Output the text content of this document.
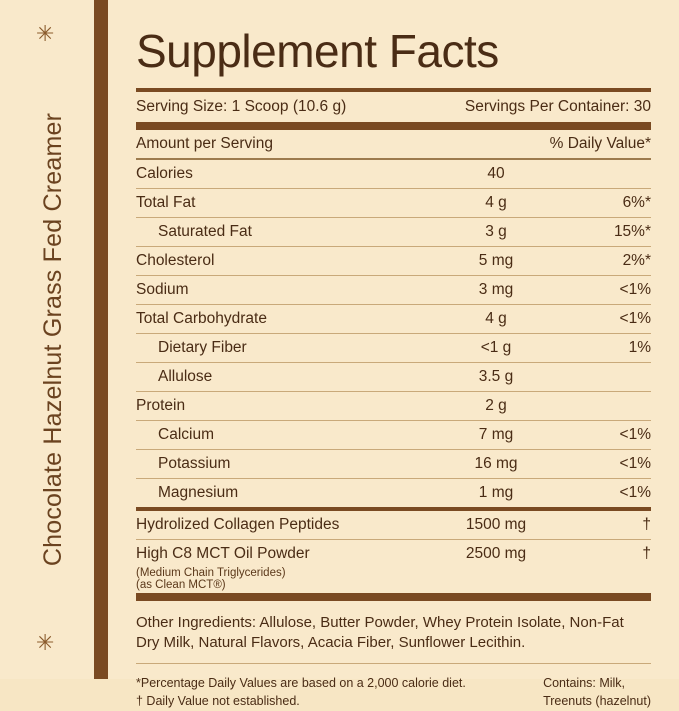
✳
Chocolate Hazelnut Grass Fed Creamer
✳
Supplement Facts
Serving Size: 1 Scoop (10.6 g)	Servings Per Container: 30
Amount per Serving	% Daily Value*
Calories	40
Total Fat	4 g	6%*
Saturated Fat	3 g	15%*
Cholesterol	5 mg	2%*
Sodium	3 mg	<1%
Total Carbohydrate	4 g	<1%
Dietary Fiber	<1 g	1%
Allulose	3.5 g
Protein	2 g
Calcium	7 mg	<1%
Potassium	16 mg	<1%
Magnesium	1 mg	<1%
Hydrolized Collagen Peptides	1500 mg	†
High C8 MCT Oil Powder	2500 mg	†
(Medium Chain Triglycerides)
(as Clean MCT®)
Other Ingredients: Allulose, Butter Powder, Whey Protein Isolate, Non-Fat Dry Milk, Natural Flavors, Acacia Fiber, Sunflower Lecithin.
*Percentage Daily Values are based on a 2,000 calorie diet.
† Daily Value not established.
Contains: Milk,
Treenuts (hazelnut)
